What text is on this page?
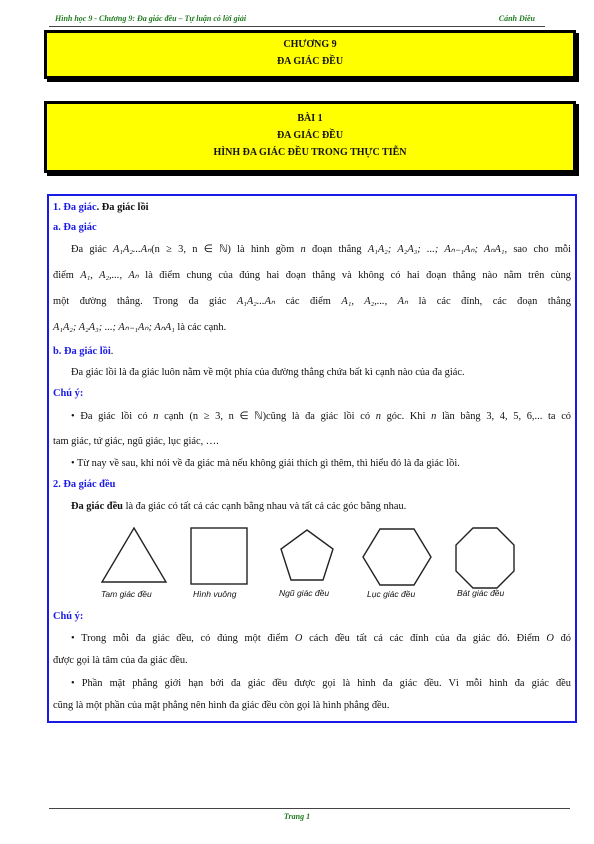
Hình học 9 - Chương 9: Đa giác đều – Tự luận có lời giải	Cánh Diều
CHƯƠNG 9
ĐA GIÁC ĐỀU
BÀI 1
ĐA GIÁC ĐỀU
HÌNH ĐA GIÁC ĐỀU TRONG THỰC TIỄN
1. Đa giác. Đa giác lồi
a. Đa giác
Đa giác A₁A₂...Aₙ(n ≥ 3, n ∈ ℕ) là hình gồm n đoạn thẳng A₁A₂; A₂A₃; ...; Aₙ₋₁Aₙ; AₙA₁, sao cho mỗi
điểm A₁, A₂,..., Aₙ là điểm chung của đúng hai đoạn thẳng và không có hai đoạn thẳng nào nằm trên cùng
một đường thẳng. Trong đa giác A₁A₂...Aₙ các điểm A₁, A₂,..., Aₙ là các đỉnh, các đoạn thẳng
A₁A₂; A₂A₃; ...; Aₙ₋₁Aₙ; AₙA₁ là các cạnh.
b. Đa giác lồi.
Đa giác lồi là đa giác luôn nằm về một phía của đường thẳng chứa bất kì cạnh nào của đa giác.
Chú ý:
• Đa giác lồi có n cạnh (n ≥ 3, n ∈ ℕ)cũng là đa giác lồi có n góc. Khi n lần bằng 3, 4, 5, 6,... ta có
tam giác, tứ giác, ngũ giác, lục giác, ….
• Từ nay về sau, khi nói về đa giác mà nếu không giải thích gì thêm, thì hiểu đó là đa giác lồi.
2. Đa giác đều
Đa giác đều là đa giác có tất cả các cạnh bằng nhau và tất cả các góc bằng nhau.
Tam giác đều	Hình vuông	Ngũ giác đều	Lục giác đều	Bát giác đều
Chú ý:
• Trong mỗi đa giác đều, có đúng một điểm O cách đều tất cả các đỉnh của đa giác đó. Điểm O đó
được gọi là tâm của đa giác đều.
• Phần mặt phẳng giới hạn bởi đa giác đều được gọi là hình đa giác đều. Vì mỗi hình đa giác đều
cũng là một phần của mặt phẳng nên hình đa giác đều còn gọi là hình phẳng đều.
Trang 1
